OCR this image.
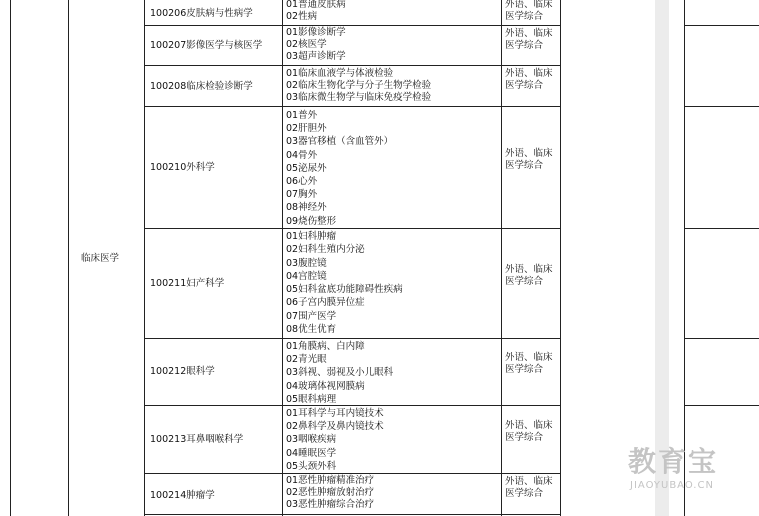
临床医学
100206皮肤病与性病学
01普通皮肤病
02性病
外语、临床医学综合
100207影像医学与核医学
01影像诊断学
02核医学
03超声诊断学
外语、临床医学综合
100208临床检验诊断学
01临床血液学与体液检验
02临床生物化学与分子生物学检验
03临床微生物学与临床免疫学检验
外语、临床医学综合
100210外科学
01普外
02肝胆外
03器官移植（含血管外）
04骨外
05泌尿外
06心外
07胸外
08神经外
09烧伤整形
外语、临床医学综合
100211妇产科学
01妇科肿瘤
02妇科生殖内分泌
03腹腔镜
04宫腔镜
05妇科盆底功能障碍性疾病
06子宫内膜异位症
07围产医学
08优生优育
外语、临床医学综合
100212眼科学
01角膜病、白内障
02青光眼
03斜视、弱视及小儿眼科
04玻璃体视网膜病
05眼科病理
外语、临床医学综合
100213耳鼻咽喉科学
01耳科学与耳内镜技术
02鼻科学及鼻内镜技术
03咽喉疾病
04睡眠医学
05头颈外科
外语、临床医学综合
100214肿瘤学
01恶性肿瘤精准治疗
02恶性肿瘤放射治疗
03恶性肿瘤综合治疗
外语、临床医学综合
教育宝
JIAOYUBAO.CN
